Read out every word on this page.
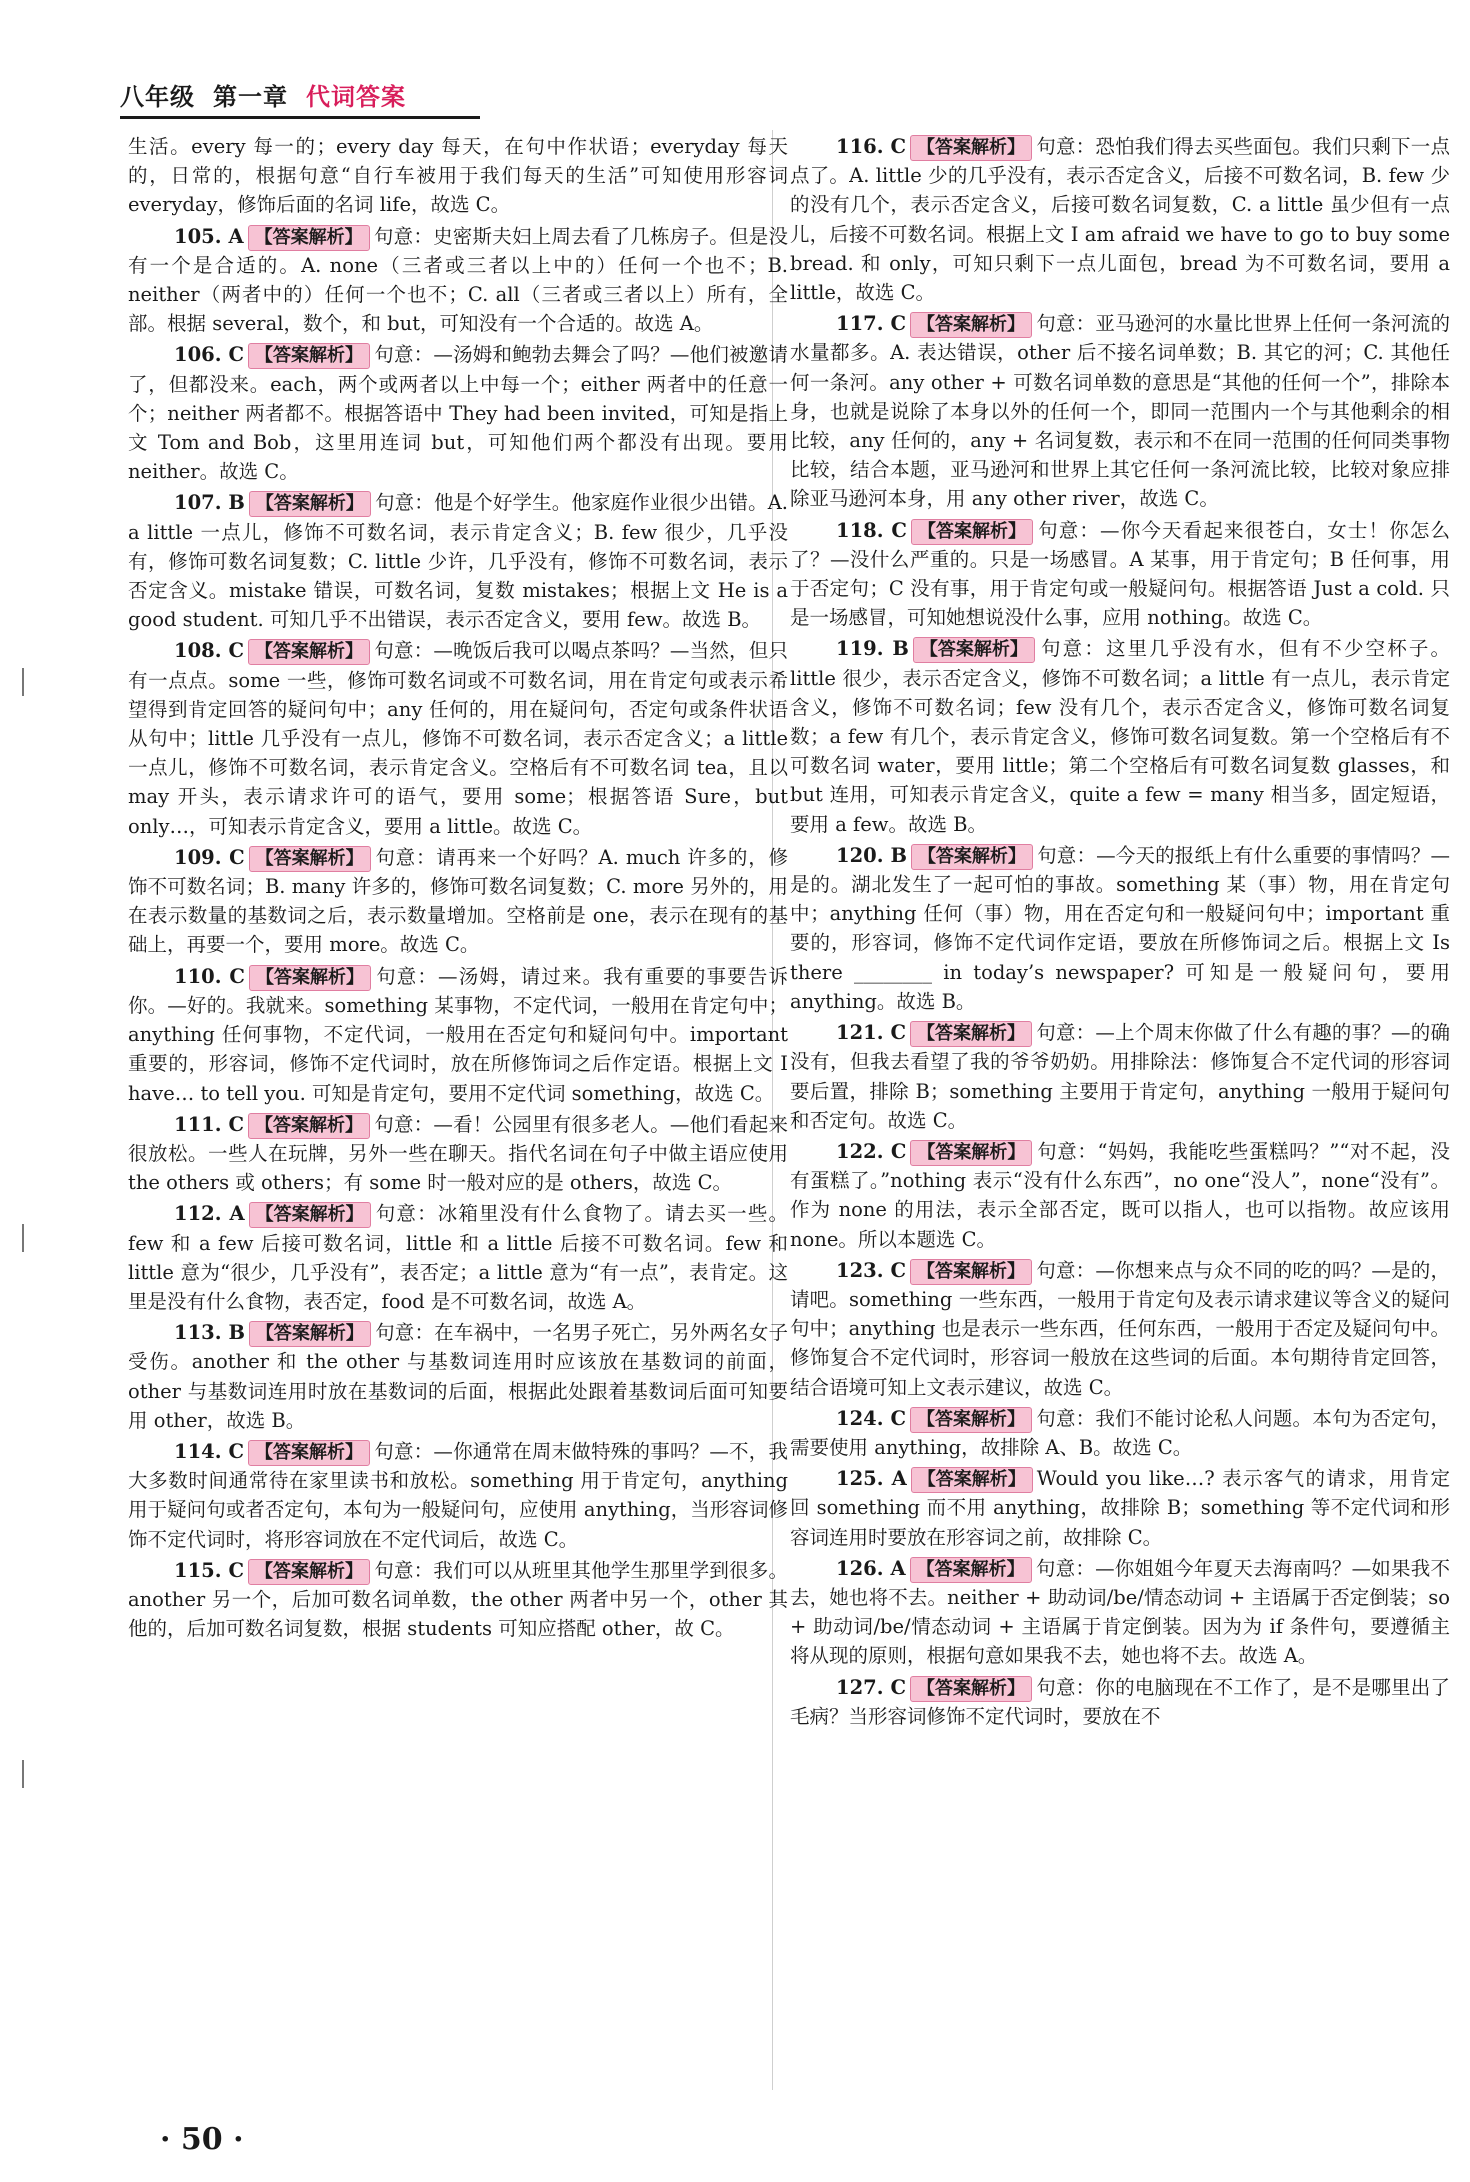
八年级 第一章 代词答案
生活。every 每一的；every day 每天，在句中作状语；everyday 每天的，日常的，根据句意“自行车被用于我们每天的生活”可知使用形容词 everyday，修饰后面的名词 life，故选 C。
105. A 【答案解析】 句意：史密斯夫妇上周去看了几栋房子。但是没有一个是合适的。A. none（三者或三者以上中的）任何一个也不；B. neither（两者中的）任何一个也不；C. all（三者或三者以上）所有，全部。根据 several，数个，和 but，可知没有一个合适的。故选 A。
106. C 【答案解析】 句意：—汤姆和鲍勃去舞会了吗？—他们被邀请了，但都没来。each，两个或两者以上中每一个；either 两者中的任意一个；neither 两者都不。根据答语中 They had been invited，可知是指上文 Tom and Bob，这里用连词 but，可知他们两个都没有出现。要用 neither。故选 C。
107. B 【答案解析】 句意：他是个好学生。他家庭作业很少出错。A. a little 一点儿，修饰不可数名词，表示肯定含义；B. few 很少，几乎没有，修饰可数名词复数；C. little 少许，几乎没有，修饰不可数名词，表示否定含义。mistake 错误，可数名词，复数 mistakes；根据上文 He is a good student. 可知几乎不出错误，表示否定含义，要用 few。故选 B。
108. C 【答案解析】 句意：—晚饭后我可以喝点茶吗？—当然，但只有一点点。some 一些，修饰可数名词或不可数名词，用在肯定句或表示希望得到肯定回答的疑问句中；any 任何的，用在疑问句，否定句或条件状语从句中；little 几乎没有一点儿，修饰不可数名词，表示否定含义；a little 一点儿，修饰不可数名词，表示肯定含义。空格后有不可数名词 tea，且以 may 开头，表示请求许可的语气，要用 some；根据答语 Sure，but only…，可知表示肯定含义，要用 a little。故选 C。
109. C 【答案解析】 句意：请再来一个好吗？A. much 许多的，修饰不可数名词；B. many 许多的，修饰可数名词复数；C. more 另外的，用在表示数量的基数词之后，表示数量增加。空格前是 one，表示在现有的基础上，再要一个，要用 more。故选 C。
110. C 【答案解析】 句意：—汤姆，请过来。我有重要的事要告诉你。—好的。我就来。something 某事物，不定代词，一般用在肯定句中；anything 任何事物，不定代词，一般用在否定句和疑问句中。important 重要的，形容词，修饰不定代词时，放在所修饰词之后作定语。根据上文 I have… to tell you. 可知是肯定句，要用不定代词 something，故选 C。
111. C 【答案解析】 句意：—看！公园里有很多老人。—他们看起来很放松。一些人在玩牌，另外一些在聊天。指代名词在句子中做主语应使用 the others 或 others；有 some 时一般对应的是 others，故选 C。
112. A 【答案解析】 句意：冰箱里没有什么食物了。请去买一些。few 和 a few 后接可数名词，little 和 a little 后接不可数名词。few 和 little 意为“很少，几乎没有”，表否定；a little 意为“有一点”，表肯定。这里是没有什么食物，表否定，food 是不可数名词，故选 A。
113. B 【答案解析】 句意：在车祸中，一名男子死亡，另外两名女子受伤。another 和 the other 与基数词连用时应该放在基数词的前面，other 与基数词连用时放在基数词的后面，根据此处跟着基数词后面可知要用 other，故选 B。
114. C 【答案解析】 句意：—你通常在周末做特殊的事吗？—不，我大多数时间通常待在家里读书和放松。something 用于肯定句，anything 用于疑问句或者否定句，本句为一般疑问句，应使用 anything，当形容词修饰不定代词时，将形容词放在不定代词后，故选 C。
115. C 【答案解析】 句意：我们可以从班里其他学生那里学到很多。another 另一个，后加可数名词单数，the other 两者中另一个，other 其他的，后加可数名词复数，根据 students 可知应搭配 other，故 C。
116. C 【答案解析】 句意：恐怕我们得去买些面包。我们只剩下一点点了。A. little 少的几乎没有，表示否定含义，后接不可数名词，B. few 少的没有几个，表示否定含义，后接可数名词复数，C. a little 虽少但有一点儿，后接不可数名词。根据上文 I am afraid we have to go to buy some bread. 和 only，可知只剩下一点儿面包，bread 为不可数名词，要用 a little，故选 C。
117. C 【答案解析】 句意：亚马逊河的水量比世界上任何一条河流的水量都多。A. 表达错误，other 后不接名词单数；B. 其它的河；C. 其他任何一条河。any other + 可数名词单数的意思是“其他的任何一个”，排除本身，也就是说除了本身以外的任何一个，即同一范围内一个与其他剩余的相比较，any 任何的，any + 名词复数，表示和不在同一范围的任何同类事物比较，结合本题，亚马逊河和世界上其它任何一条河流比较，比较对象应排除亚马逊河本身，用 any other river，故选 C。
118. C 【答案解析】 句意：—你今天看起来很苍白，女士！你怎么了？—没什么严重的。只是一场感冒。A 某事，用于肯定句；B 任何事，用于否定句；C 没有事，用于肯定句或一般疑问句。根据答语 Just a cold. 只是一场感冒，可知她想说没什么事，应用 nothing。故选 C。
119. B 【答案解析】 句意：这里几乎没有水，但有不少空杯子。little 很少，表示否定含义，修饰不可数名词；a little 有一点儿，表示肯定含义，修饰不可数名词；few 没有几个，表示否定含义，修饰可数名词复数；a few 有几个，表示肯定含义，修饰可数名词复数。第一个空格后有不可数名词 water，要用 little；第二个空格后有可数名词复数 glasses，和 but 连用，可知表示肯定含义，quite a few = many 相当多，固定短语，要用 a few。故选 B。
120. B 【答案解析】 句意：—今天的报纸上有什么重要的事情吗？—是的。湖北发生了一起可怕的事故。something 某（事）物，用在肯定句中；anything 任何（事）物，用在否定句和一般疑问句中；important 重要的，形容词，修饰不定代词作定语，要放在所修饰词之后。根据上文 Is there ________ in today’s newspaper? 可知是一般疑问句，要用 anything。故选 B。
121. C 【答案解析】 句意：—上个周末你做了什么有趣的事？—的确没有，但我去看望了我的爷爷奶奶。用排除法：修饰复合不定代词的形容词要后置，排除 B；something 主要用于肯定句，anything 一般用于疑问句和否定句。故选 C。
122. C 【答案解析】 句意：“妈妈，我能吃些蛋糕吗？”“对不起，没有蛋糕了。”nothing 表示“没有什么东西”，no one“没人”，none“没有”。作为 none 的用法，表示全部否定，既可以指人，也可以指物。故应该用 none。所以本题选 C。
123. C 【答案解析】 句意：—你想来点与众不同的吃的吗？—是的，请吧。something 一些东西，一般用于肯定句及表示请求建议等含义的疑问句中；anything 也是表示一些东西，任何东西，一般用于否定及疑问句中。修饰复合不定代词时，形容词一般放在这些词的后面。本句期待肯定回答，结合语境可知上文表示建议，故选 C。
124. C 【答案解析】 句意：我们不能讨论私人问题。本句为否定句，需要使用 anything，故排除 A、B。故选 C。
125. A 【答案解析】 Would you like…? 表示客气的请求，用肯定回 something 而不用 anything，故排除 B；something 等不定代词和形容词连用时要放在形容词之前，故排除 C。
126. A 【答案解析】 句意：—你姐姐今年夏天去海南吗？—如果我不去，她也将不去。neither + 助动词/be/情态动词 + 主语属于否定倒装；so + 助动词/be/情态动词 + 主语属于肯定倒装。因为为 if 条件句，要遵循主将从现的原则，根据句意如果我不去，她也将不去。故选 A。
127. C 【答案解析】 句意：你的电脑现在不工作了，是不是哪里出了毛病？当形容词修饰不定代词时，要放在不
· 50 ·
